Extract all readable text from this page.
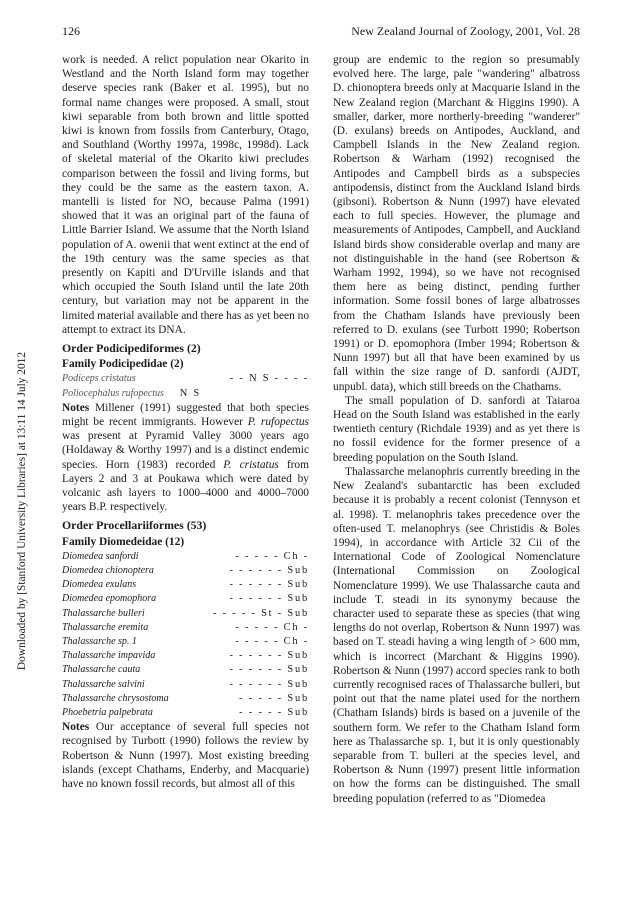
126	New Zealand Journal of Zoology, 2001, Vol. 28
Downloaded by [Stanford University Libraries] at 13:11 14 July 2012

work is needed. A relict population near Okarito in Westland and the North Island form may together deserve species rank (Baker et al. 1995), but no formal name changes were proposed. A small, stout kiwi separable from both brown and little spotted kiwi is known from fossils from Canterbury, Otago, and Southland (Worthy 1997a, 1998c, 1998d). Lack of skeletal material of the Okarito kiwi precludes comparison between the fossil and living forms, but they could be the same as the eastern taxon. A. mantelli is listed for NO, because Palma (1991) showed that it was an original part of the fauna of Little Barrier Island. We assume that the North Island population of A. owenii that went extinct at the end of the 19th century was the same species as that presently on Kapiti and D'Urville islands and that which occupied the South Island until the late 20th century, but variation may not be apparent in the limited material available and there has as yet been no attempt to extract its DNA.

Order Podicipediformes (2)
Family Podicipedidae (2)
Podiceps cristatus	- - N S - - - -
Poliocephalus rufopectus N S

Notes Millener (1991) suggested that both species might be recent immigrants. However P. rufopectus was present at Pyramid Valley 3000 years ago (Holdaway & Worthy 1997) and is a distinct endemic species. Horn (1983) recorded P. cristatus from Layers 2 and 3 at Poukawa which were dated by volcanic ash layers to 1000–4000 and 4000–7000 years B.P. respectively.

Order Procellariiformes (53)
Family Diomedeidae (12)
Diomedea sanfordi	- - - - - Ch -
Diomedea chionoptera	- - - - - - Sub
Diomedea exulans	- - - - - - Sub
Diomedea epomophora	- - - - - - Sub
Thalassarche bulleri	- - - - - St - Sub
Thalassarche eremita	- - - - - Ch -
Thalassarche sp. 1	- - - - - Ch -
Thalassarche impavida	- - - - - - Sub
Thalassarche cauta	- - - - - - Sub
Thalassarche salvini	- - - - - - Sub
Thalassarche chrysostoma	- - - - - Sub
Phoebetria palpebrata	- - - - - Sub

Notes Our acceptance of several full species not recognised by Turbott (1990) follows the review by Robertson & Nunn (1997). Most existing breeding islands (except Chathams, Enderby, and Macquarie) have no known fossil records, but almost all of this

group are endemic to the region so presumably evolved here. The large, pale "wandering" albatross D. chionoptera breeds only at Macquarie Island in the New Zealand region (Marchant & Higgins 1990). A smaller, darker, more northerly-breeding "wanderer" (D. exulans) breeds on Antipodes, Auckland, and Campbell Islands in the New Zealand region. Robertson & Warham (1992) recognised the Antipodes and Campbell birds as a subspecies antipodensis, distinct from the Auckland Island birds (gibsoni). Robertson & Nunn (1997) have elevated each to full species. However, the plumage and measurements of Antipodes, Campbell, and Auckland Island birds show considerable overlap and many are not distinguishable in the hand (see Robertson & Warham 1992, 1994), so we have not recognised them here as being distinct, pending further information. Some fossil bones of large albatrosses from the Chatham Islands have previously been referred to D. exulans (see Turbott 1990; Robertson 1991) or D. epomophora (Imber 1994; Robertson & Nunn 1997) but all that have been examined by us fall within the size range of D. sanfordi (AJDT, unpubl. data), which still breeds on the Chathams.

The small population of D. sanfordi at Taiaroa Head on the South Island was established in the early twentieth century (Richdale 1939) and as yet there is no fossil evidence for the former presence of a breeding population on the South Island.

Thalassarche melanophris currently breeding in the New Zealand's subantarctic has been excluded because it is probably a recent colonist (Tennyson et al. 1998). T. melanophris takes precedence over the often-used T. melanophrys (see Christidis & Boles 1994), in accordance with Article 32 Cii of the International Code of Zoological Nomenclature (International Commission on Zoological Nomenclature 1999). We use Thalassarche cauta and include T. steadi in its synonymy because the character used to separate these as species (that wing lengths do not overlap, Robertson & Nunn 1997) was based on T. steadi having a wing length of > 600 mm, which is incorrect (Marchant & Higgins 1990). Robertson & Nunn (1997) accord species rank to both currently recognised races of Thalassarche bulleri, but point out that the name platei used for the northern (Chatham Islands) birds is based on a juvenile of the southern form. We refer to the Chatham Island form here as Thalassarche sp. 1, but it is only questionably separable from T. bulleri at the species level, and Robertson & Nunn (1997) present little information on how the forms can be distinguished. The small breeding population (referred to as "Diomedea
